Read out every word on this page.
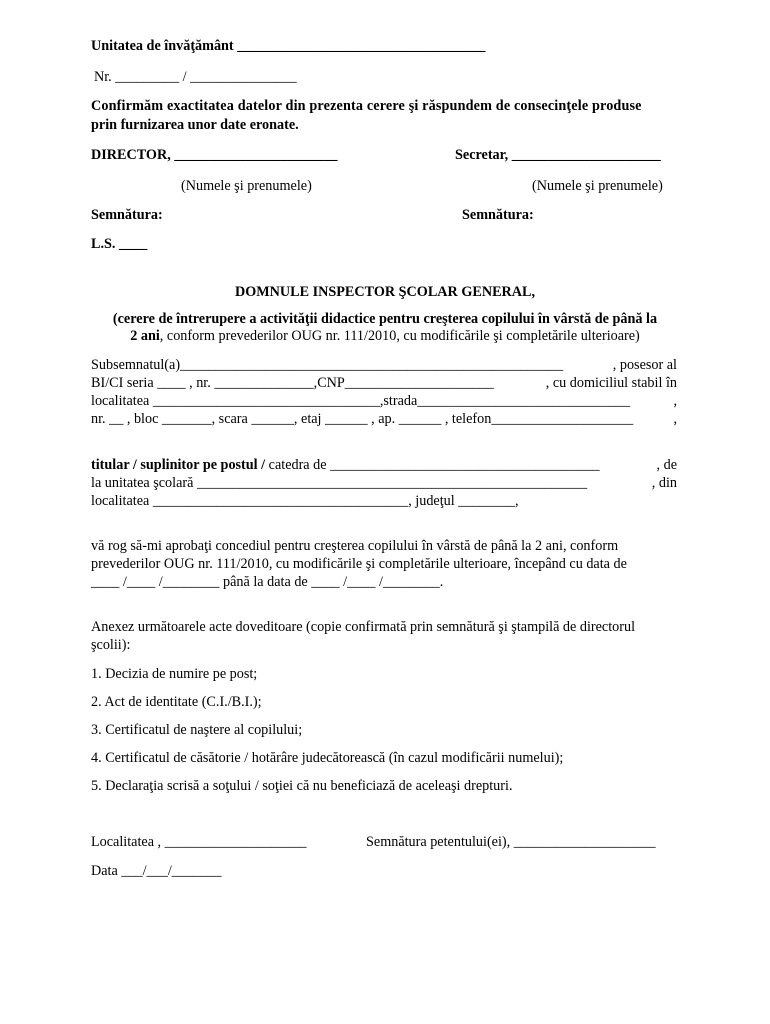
Unitatea de învăţământ ___________________________________
Nr. _________ / _______________
Confirmăm exactitatea datelor din prezenta cerere şi răspundem de consecinţele produse
prin furnizarea unor date eronate.
DIRECTOR, _______________________	Secretar, _____________________
(Numele şi prenumele)	(Numele şi prenumele)
Semnătura:	Semnătura:
L.S. ____
DOMNULE INSPECTOR ŞCOLAR GENERAL,
(cerere de întrerupere a activităţii didactice pentru creşterea copilului în vârstă de până la
2 ani, conform prevederilor OUG nr. 111/2010, cu modificările şi completările ulterioare)
Subsemnatul(a)______________________________________________________	, posesor al
BI/CI seria ____ , nr. ______________,CNP_____________________	, cu domiciliul stabil în
localitatea ________________________________,strada______________________________	,
nr. __ , bloc _______, scara ______, etaj ______ , ap. ______ , telefon____________________	,
titular / suplinitor pe postul / catedra de ______________________________________	, de
la unitatea şcolară _______________________________________________________	, din
localitatea ____________________________________, judeţul ________,
vă rog să-mi aprobaţi concediul pentru creşterea copilului în vârstă de până la 2 ani, conform
prevederilor OUG nr. 111/2010, cu modificările şi completările ulterioare, începând cu data de
____ /____ /________ până la data de ____ /____ /________.
Anexez următoarele acte doveditoare (copie confirmată prin semnătură şi ştampilă de directorul
şcolii):
1. Decizia de numire pe post;
2. Act de identitate (C.I./B.I.);
3. Certificatul de naştere al copilului;
4. Certificatul de căsătorie / hotărâre judecătorească (în cazul modificării numelui);
5. Declaraţia scrisă a soţului / soţiei că nu beneficiază de aceleaşi drepturi.
Localitatea , ____________________	Semnătura petentului(ei), ____________________
Data ___/___/_______
